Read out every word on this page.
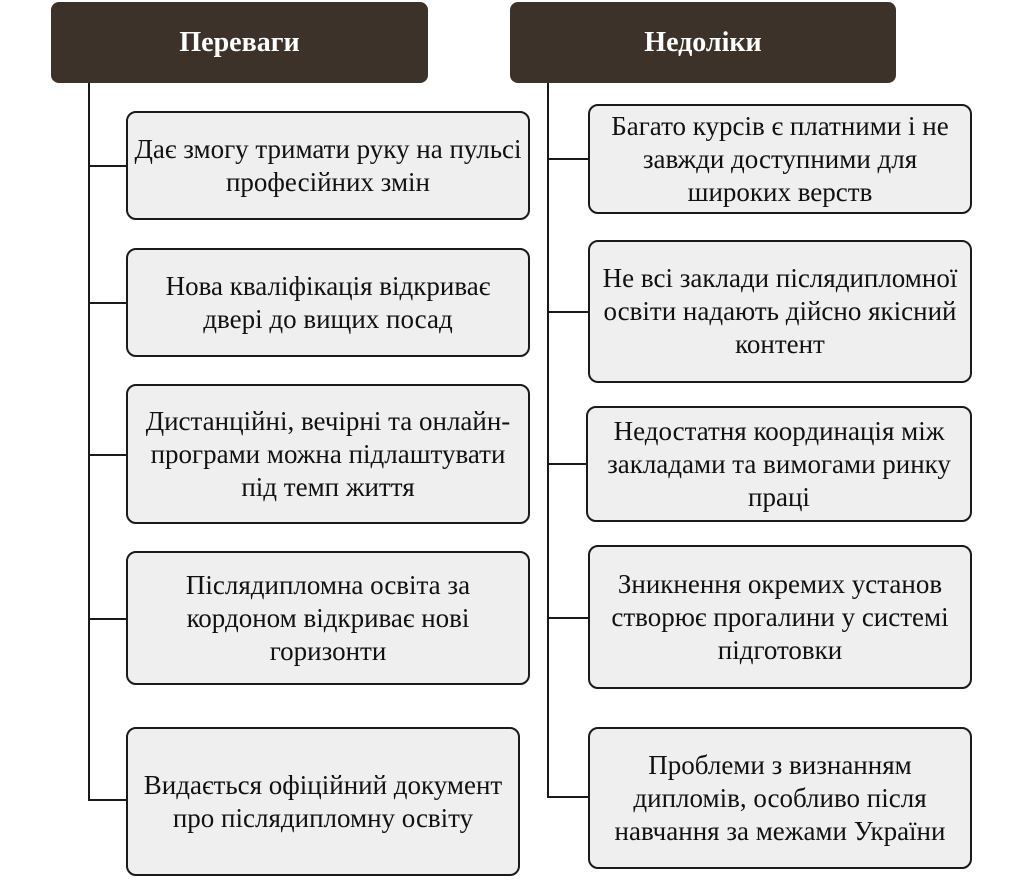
Переваги
Дає змогу тримати руку на пульсі професійних змін
Нова кваліфікація відкриває двері до вищих посад
Дистанційні, вечірні та онлайн-програми можна підлаштувати під темп життя
Післядипломна освіта за кордоном відкриває нові горизонти
Видається офіційний документ про післядипломну освіту
Недоліки
Багато курсів є платними і не завжди доступними для широких верств
Не всі заклади післядипломної освіти надають дійсно якісний контент
Недостатня координація між закладами та вимогами ринку праці
Зникнення окремих установ створює прогалини у системі підготовки
Проблеми з визнанням дипломів, особливо після навчання за межами України
